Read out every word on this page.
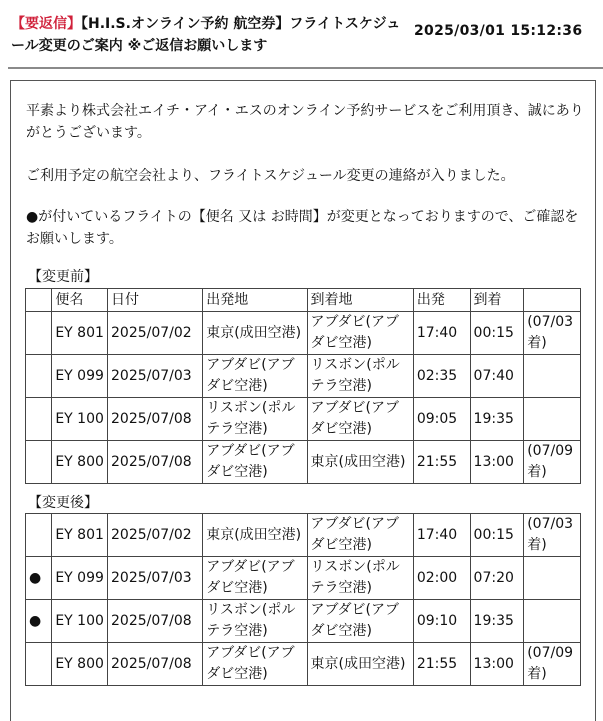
【要返信】【H.I.S.オンライン予約 航空券】フライトスケジュール変更のご案内 ※ご返信お願いします
2025/03/01 15:12:36

平素より株式会社エイチ・アイ・エスのオンライン予約サービスをご利用頂き、誠にありがとうございます。

ご利用予定の航空会社より、フライトスケジュール変更の連絡が入りました。

●が付いているフライトの【便名 又は お時間】が変更となっておりますので、ご確認をお願いします。

【変更前】
	便名	日付	出発地	到着地	出発	到着	
	EY 801	2025/07/02	東京(成田空港)	アブダビ(アブダビ空港)	17:40	00:15	(07/03着)
	EY 099	2025/07/03	アブダビ(アブダビ空港)	リスボン(ポルテラ空港)	02:35	07:40	
	EY 100	2025/07/08	リスボン(ポルテラ空港)	アブダビ(アブダビ空港)	09:05	19:35	
	EY 800	2025/07/08	アブダビ(アブダビ空港)	東京(成田空港)	21:55	13:00	(07/09着)
【変更後】
	EY 801	2025/07/02	東京(成田空港)	アブダビ(アブダビ空港)	17:40	00:15	(07/03着)
●	EY 099	2025/07/03	アブダビ(アブダビ空港)	リスボン(ポルテラ空港)	02:00	07:20	
●	EY 100	2025/07/08	リスボン(ポルテラ空港)	アブダビ(アブダビ空港)	09:10	19:35	
	EY 800	2025/07/08	アブダビ(アブダビ空港)	東京(成田空港)	21:55	13:00	(07/09着)
